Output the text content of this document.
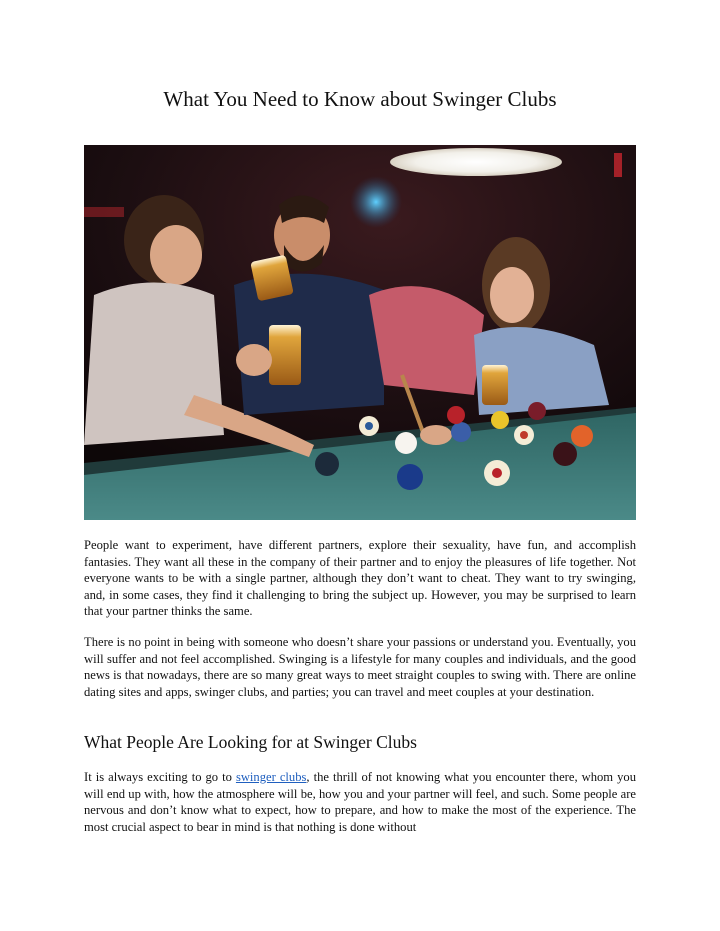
What You Need to Know about Swinger Clubs

People want to experiment, have different partners, explore their sexuality, have fun, and accomplish fantasies. They want all these in the company of their partner and to enjoy the pleasures of life together. Not everyone wants to be with a single partner, although they don’t want to cheat. They want to try swinging, and, in some cases, they find it challenging to bring the subject up. However, you may be surprised to learn that your partner thinks the same.

There is no point in being with someone who doesn’t share your passions or understand you. Eventually, you will suffer and not feel accomplished. Swinging is a lifestyle for many couples and individuals, and the good news is that nowadays, there are so many great ways to meet straight couples to swing with. There are online dating sites and apps, swinger clubs, and parties; you can travel and meet couples at your destination.

What People Are Looking for at Swinger Clubs

It is always exciting to go to swinger clubs, the thrill of not knowing what you encounter there, whom you will end up with, how the atmosphere will be, how you and your partner will feel, and such. Some people are nervous and don’t know what to expect, how to prepare, and how to make the most of the experience. The most crucial aspect to bear in mind is that nothing is done without
